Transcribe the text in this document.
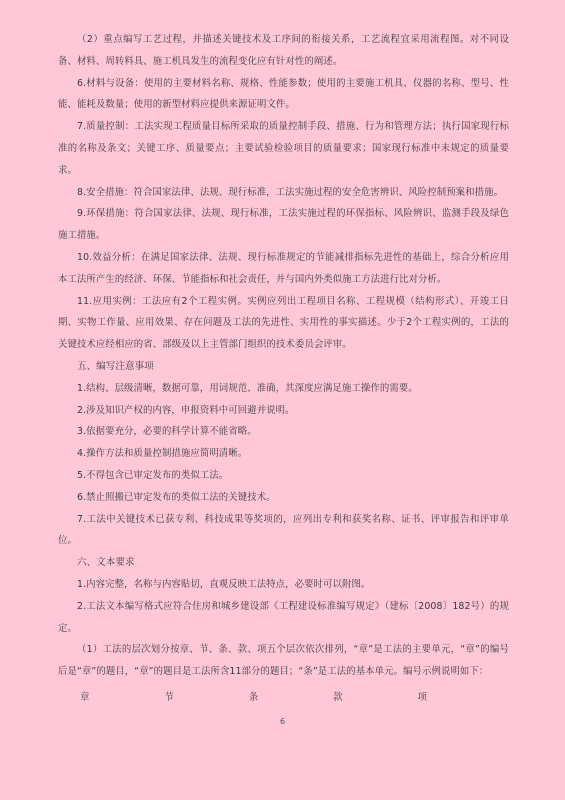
（2）重点编写工艺过程，并描述关键技术及工序间的衔接关系，工艺流程宜采用流程图。对不同设备、材料、周转料具、施工机具发生的流程变化应有针对性的阐述。

6.材料与设备：使用的主要材料名称、规格、性能参数；使用的主要施工机具、仪器的名称、型号、性能、能耗及数量；使用的新型材料应提供来源证明文件。

7.质量控制：工法实现工程质量目标所采取的质量控制手段、措施、行为和管理方法；执行国家现行标准的名称及条文；关键工序、质量要点；主要试验检验项目的质量要求；国家现行标准中未规定的质量要求。

8.安全措施：符合国家法律、法规、现行标准，工法实施过程的安全危害辨识、风险控制预案和措施。

9.环保措施：符合国家法律、法规、现行标准，工法实施过程的环保指标、风险辨识、监测手段及绿色施工措施。

10.效益分析：在满足国家法律、法规、现行标准规定的节能减排指标先进性的基础上，综合分析应用本工法所产生的经济、环保、节能指标和社会责任，并与国内外类似施工方法进行比对分析。

11.应用实例：工法应有2个工程实例。实例应列出工程项目名称、工程规模（结构形式）、开竣工日期、实物工作量、应用效果、存在问题及工法的先进性、实用性的事实描述。少于2个工程实例的，工法的关键技术应经相应的省、部级及以上主管部门组织的技术委员会评审。

五、编写注意事项

1.结构、层级清晰，数据可靠，用词规范、准确，其深度应满足施工操作的需要。

2.涉及知识产权的内容，申报资料中可回避并说明。

3.依据要充分，必要的科学计算不能省略。

4.操作方法和质量控制措施应简明清晰。

5.不得包含已审定发布的类似工法。

6.禁止照搬已审定发布的类似工法的关键技术。

7.工法中关键技术已获专利、科技成果等奖项的，应列出专利和获奖名称、证书、评审报告和评审单位。

六、文本要求

1.内容完整，名称与内容贴切，直观反映工法特点，必要时可以附图。

2.工法文本编写格式应符合住房和城乡建设部《工程建设标准编写规定》（建标〔2008〕182号）的规定。

（1）工法的层次划分按章、节、条、款、项五个层次依次排列，“章”是工法的主要单元，“章”的编号后是“章”的题目，“章”的题目是工法所含11部分的题目；“条”是工法的基本单元。编号示例说明如下：

章	节	条	款	项
6
